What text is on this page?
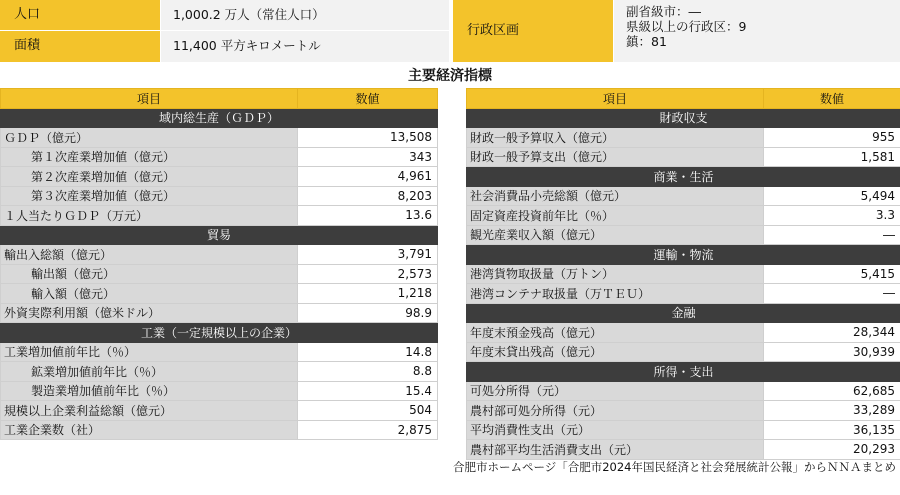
人口	1,000.2 万人（常住人口）
面積	11,400 平方キロメートル
行政区画
副省級市：―
県級以上の行政区：9
鎮：81
主要経済指標
項目	数値
域内総生産（ＧＤＰ）	
ＧＤＰ（億元）	13,508
第１次産業増加値（億元）	343
第２次産業増加値（億元）	4,961
第３次産業増加値（億元）	8,203
１人当たりＧＤＰ（万元）	13.6
貿易	
輸出入総額（億元）	3,791
輸出額（億元）	2,573
輸入額（億元）	1,218
外資実際利用額（億米ドル）	98.9
工業（一定規模以上の企業）	
工業増加値前年比（％）	14.8
鉱業増加値前年比（％）	8.8
製造業増加値前年比（％）	15.4
規模以上企業利益総額（億元）	504
工業企業数（社）	2,875
項目	数値
財政収支	
財政一般予算収入（億元）	955
財政一般予算支出（億元）	1,581
商業・生活	
社会消費品小売総額（億元）	5,494
固定資産投資前年比（％）	3.3
観光産業収入額（億元）	―
運輸・物流	
港湾貨物取扱量（万トン）	5,415
港湾コンテナ取扱量（万ＴＥＵ）	―
金融	
年度末預金残高（億元）	28,344
年度末貸出残高（億元）	30,939
所得・支出	
可処分所得（元）	62,685
農村部可処分所得（元）	33,289
平均消費性支出（元）	36,135
農村部平均生活消費支出（元）	20,293
合肥市ホームページ「合肥市2024年国民経済と社会発展統計公報」からＮＮＡまとめ
